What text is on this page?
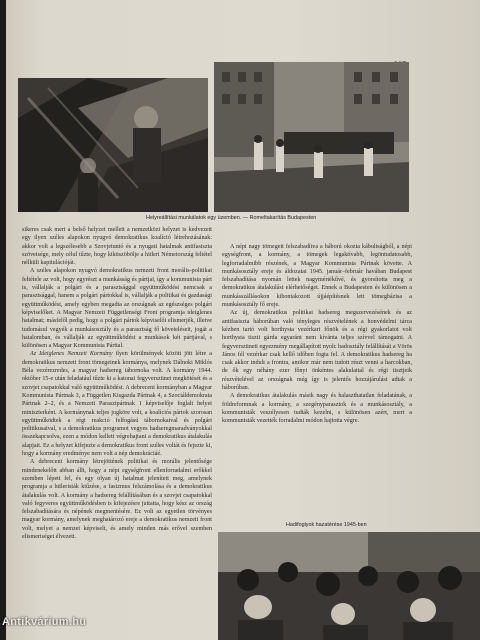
Helyreállítási munkálatok egy üzemben. — Romeltakarítás Budapesten

sikeres csak mert a belső helyzet mellett a nemzetközi helyzet is kedvezett egy ilyen széles alapokon nyugvó demokratikus koalíció létrehozásának: akkor volt a legszélesebb a Szovjetunió és a nyugati hatalmak antifasiszta szövetsége, mely célul tűzte, hogy kiküszöbölje a hitleri Németország feltétel nélküli kapitulációját.

A széles alapokon nyugvó demokratikus nemzeti front morális-politikai feltétele az volt, hogy egyrészt a munkásság és pártjai, így a kommunista párt is, vállalják a polgári és a parasztsággal együttműködést nemcsak a parasztsággal, hanem a polgári pártokkal is, vállalják a politikai és gazdasági együttműködést, amely egyben megadta az országnak az egészséges polgári képviselőket. A Magyar Nemzeti Függetlenségi Front programja ideiglenes hatalmat; másfelől pedig, hogy a polgári pártok képviselői elismerjék, illetve tudomásul vegyék a munkásosztály és a parasztság fő követeléseit, jogát a hatalomban, és vállalják az együttműködést a munkások két pártjával, s különösen a Magyar Kommunista Párttal.

Az Ideiglenes Nemzeti Kormány ilyen körülmények között jött létre a demokratikus nemzeti front tömegeinek kormánya, melynek Dálnoki Miklós Béla vezérezredes, a magyar hadsereg tábornoka volt. A kormány 1944. október 15-e után feladatául tűzte ki a katonai fegyverszünet megkötését és a szovjet csapatokkal való együttműködést. A debreceni kormányban a Magyar Kommunista Pártnak 3, a Független Kisgazda Pártnak 4, a Szociáldemokrata Pártnak 2–2, és a Nemzeti Parasztpártnak 1 képviselője foglalt helyet miniszterként. A kormánynak teljes jogköre volt, a koalíciós pártok szorosan együttműködtek a régi reakció felfogású tábornokaival és polgári politikusaival, s a demokratikus programot vegyes hadseregmaradványokkal összekapcsolva, ezen a módon kellett végrehajtani a demokratikus átalakulás alapjait. Ez a helyzet kifejezte a demokratikus front széles voltát és fejezte ki, hogy a kormány eredménye nem volt a nép demokráciáé.

A debreceni kormány létrejöttének politikai és morális jelentősége mindenekelőtt abban állt, hogy a népi egységfront ellenforradalmi erőkkel szemben lépett fel, és egy olyan új hatalmat jelenített meg, amelynek programja a hitleristák kiűzése, a fasizmus felszámolása és a demokratikus átalakulás volt. A kormány a hadsereg felállításában és a szovjet csapatokkal való fegyveres együttműködésben is kifejezésre juttatta, hogy kész az ország felszabadítására és népének megmentésére. Ez volt az egyetlen törvényes magyar kormány, amelynek meghatározó ereje a demokratikus nemzeti front volt, melyet a nemzet képviselt, és amely minden más erővel szemben elismertséget élvezett.

A népi nagy tömegeit felszabadítva a háború okozta kábultságból, a népi egységfront, a kormány, a tömegek legaktívabb, legöntudatosabb, legforradalmibb részének, a Magyar Kommunista Pártnak követte. A munkásosztály ereje és áldozatai 1945. január–február havában Budapest felszabadítása nyomán lettek nagymértékűvé, és gyorsította meg a demokratikus átalakulást elérhetőséget. Ennek a Budapesten és különösen a munkásszállásokon kibontakozott újjáépítésnek lett tömegbázisa a munkásosztály fő ereje.

Az új, demokratikus politikai hadsereg megszervezésének és az antifasiszta háborúban való tényleges részvételének a honvédelmi tárca kézben tartó volt horthysta vezérkari főnök és a régi gyakorlatot volt horthysta tiszti gárda egyaránt nem kívánta teljes szívvel támogatni. A fegyverszüneti egyezmény megállapított nyolc hadosztály felállítását a Vörös János fél vezérkar csak kellő időben fogta fel. A demokratikus hadsereg ha csak akkor indult a frontra, amikor már nem tudott részt venni a harcokban, de ők egy néhány ezer főnyi önkéntes alakulattal és régi tisztjeik részvételével az országnak még így is jelentős hozzájárulást adtak a háborúban.

A demokratikus átalakulás másik nagy és halaszthatatlan feladatának, a földreformnak a kormány, a szegényparasztok és a munkásosztály, a kommunisták veszélyesen tudták kezelni, s különösen azért, mert a kommunisták vezették forradalmi módon hajtotta végre.

Hadifoglyok hazatérése 1945-ben
Antikvárium.hu
